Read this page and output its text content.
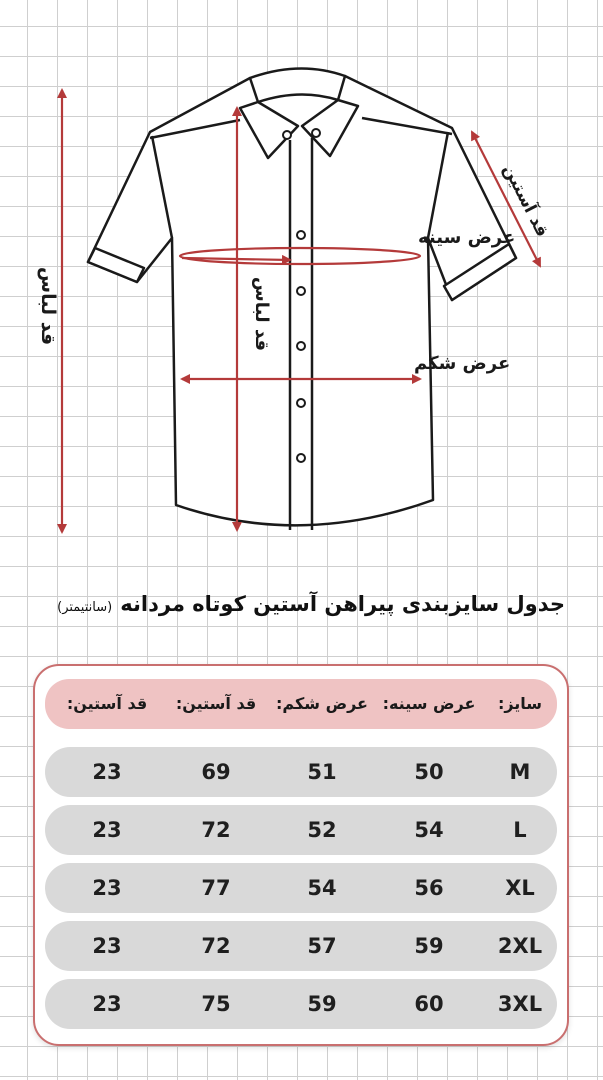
قد لباس	قد لباس
عرض سینه
عرض شکم
قد آستین
جدول سایزبندی پیراهن آستین کوتاه مردانه (سانتیمتر)
سایز:
عرض سینه:
عرض شکم:
قد آستین:
قد آستین:
M
50
51
69
23
L
54
52
72
23
XL
56
54
77
23
2XL
59
57
72
23
3XL
60
59
75
23
